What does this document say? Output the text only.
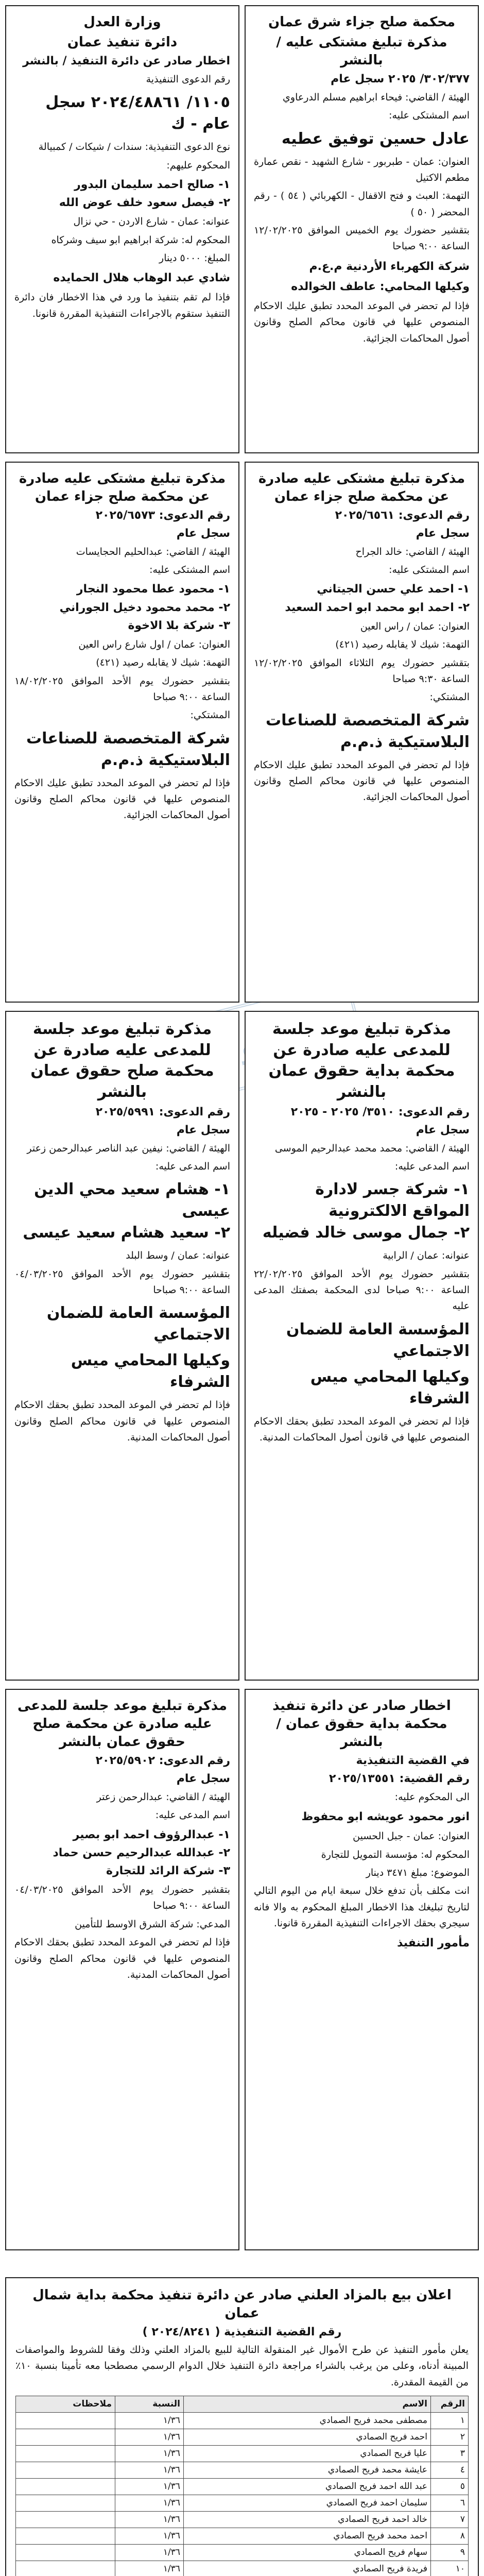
محكمة صلح جزاء شرق عمان
مذكرة تبليغ مشتكى عليه / بالنشر
٣٠٢/٣٧٧/ ٢٠٢٥ سجل عام
الهيئة / القاضي: فيحاء ابراهيم مسلم الدرعاوي
اسم المشتكى عليه:
عادل حسين توفيق عطيه
العنوان: عمان - طبربور - شارع الشهيد - نقص عمارة مطعم الاكتيل
التهمة: العبث و فتح الاقفال - الكهربائي ( ٥٤ ) - رقم المحضر ( ٥٠ )
بتقشير حضورك يوم الخميس الموافق ١٢/٠٢/٢٠٢٥ الساعة ٩:٠٠ صباحا
شركة الكهرباء الأردنية م.ع.م
وكيلها المحامي: عاطف الخوالده
فإذا لم تحضر في الموعد المحدد تطبق عليك الاحكام المنصوص عليها في قانون محاكم الصلح وقانون أصول المحاكمات الجزائية.
مذكرة تبليغ مشتكى عليه صادرة عن محكمة صلح جزاء عمان
رقم الدعوى: ٢٠٢٥/٦٥٦١
سجل عام
الهيئة / القاضي: خالد الجراح
اسم المشتكى عليه:
١- احمد علي حسن الجيتاني
٢- احمد ابو محمد ابو احمد السعيد
العنوان: عمان / راس العين
التهمة: شيك لا يقابله رصيد (٤٢١)
بتقشير حضورك يوم الثلاثاء الموافق ١٢/٠٢/٢٠٢٥ الساعة ٩:٣٠ صباحا
المشتكي:
شركة المتخصصة للصناعات البلاستيكية ذ.م.م
فإذا لم تحضر في الموعد المحدد تطبق عليك الاحكام المنصوص عليها في قانون محاكم الصلح وقانون أصول المحاكمات الجزائية.
مذكرة تبليغ موعد جلسة للمدعى عليه صادرة عن محكمة بداية حقوق عمان بالنشر
رقم الدعوى: ٣٥١٠/ ٢٠٢٥ - ٢٠٢٥
سجل عام
الهيئة / القاضي: محمد محمد عبدالرحيم الموسى
اسم المدعى عليه:
١- شركة جسر لادارة المواقع الالكترونية
٢- جمال موسى خالد فضيله
عنوانه: عمان / الرابية
بتقشير حضورك يوم الأحد الموافق ٢٢/٠٢/٢٠٢٥ الساعة ٩:٠٠ صباحا لدى المحكمة بصفتك المدعى عليه
المؤسسة العامة للضمان الاجتماعي
وكيلها المحامي ميس الشرفاء
فإذا لم تحضر في الموعد المحدد تطبق بحقك الاحكام المنصوص عليها في قانون أصول المحاكمات المدنية.
اخطار صادر عن دائرة تنفيذ محكمة بداية حقوق عمان / بالنشر
في القضية التنفيذية
رقم القضية: ٢٠٢٥/١٣٥٥١
الى المحكوم عليه:
انور محمود عويشه ابو محفوظ
العنوان: عمان - جبل الحسين
المحكوم له: مؤسسة التمويل للتجارة
الموضوع: مبلغ ٣٤٧١ دينار
انت مكلف بأن تدفع خلال سبعة ايام من اليوم التالي لتاريخ تبليغك هذا الاخطار المبلغ المحكوم به والا فانه سيجري بحقك الاجراءات التنفيذية المقررة قانونا.
مأمور التنفيذ
وزارة العدل
دائرة تنفيذ عمان
اخطار صادر عن دائرة التنفيذ / بالنشر
رقم الدعوى التنفيذية
١١٠٥/ ٢٠٢٤/٤٨٨٦١ سجل عام - ك
نوع الدعوى التنفيذية: سندات / شيكات / كمبيالة
المحكوم عليهم:
١- صالح احمد سليمان البدور
٢- فيصل سعود خلف عوض الله
عنوانه: عمان - شارع الاردن - حي نزال
المحكوم له: شركة ابراهيم ابو سيف وشركاه
المبلغ: ٥٠٠٠ دينار
شادي عبد الوهاب هلال الحمايده
فإذا لم تقم بتنفيذ ما ورد في هذا الاخطار فان دائرة التنفيذ ستقوم بالاجراءات التنفيذية المقررة قانونا.
مذكرة تبليغ مشتكى عليه صادرة عن محكمة صلح جزاء عمان
رقم الدعوى: ٢٠٢٥/٦٥٧٣
سجل عام
الهيئة / القاضي: عبدالحليم الحجايسات
اسم المشتكى عليه:
١- محمود عطا محمود النجار
٢- محمد محمود دخيل الجوراني
٣- شركة بلا الاخوة
العنوان: عمان / اول شارع راس العين
التهمة: شيك لا يقابله رصيد (٤٢١)
بتقشير حضورك يوم الأحد الموافق ١٨/٠٢/٢٠٢٥ الساعة ٩:٠٠ صباحا
المشتكي:
شركة المتخصصة للصناعات البلاستيكية ذ.م.م
فإذا لم تحضر في الموعد المحدد تطبق عليك الاحكام المنصوص عليها في قانون محاكم الصلح وقانون أصول المحاكمات الجزائية.
مذكرة تبليغ موعد جلسة للمدعى عليه صادرة عن محكمة صلح حقوق عمان بالنشر
رقم الدعوى: ٢٠٢٥/٥٩٩١
سجل عام
الهيئة / القاضي: نيفين عبد الناصر عبدالرحمن زعتر
اسم المدعى عليه:
١- هشام سعيد محي الدين عيسى
٢- سعيد هشام سعيد عيسى
عنوانه: عمان / وسط البلد
بتقشير حضورك يوم الأحد الموافق ٠٤/٠٣/٢٠٢٥ الساعة ٩:٠٠ صباحا
المؤسسة العامة للضمان الاجتماعي
وكيلها المحامي ميس الشرفاء
فإذا لم تحضر في الموعد المحدد تطبق بحقك الاحكام المنصوص عليها في قانون محاكم الصلح وقانون أصول المحاكمات المدنية.
مذكرة تبليغ موعد جلسة للمدعى عليه صادرة عن محكمة صلح حقوق عمان بالنشر
رقم الدعوى: ٢٠٢٥/٥٩٠٢
سجل عام
الهيئة / القاضي: عبدالرحمن زعتر
اسم المدعى عليه:
١- عبدالرؤوف احمد ابو بصير
٢- عبدالله عبدالرحيم حسن حماد
٣- شركة الرائد للتجارة
بتقشير حضورك يوم الأحد الموافق ٠٤/٠٣/٢٠٢٥ الساعة ٩:٠٠ صباحا
المدعي: شركة الشرق الاوسط للتأمين
فإذا لم تحضر في الموعد المحدد تطبق بحقك الاحكام المنصوص عليها في قانون محاكم الصلح وقانون أصول المحاكمات المدنية.
اعلان بيع بالمزاد العلني صادر عن دائرة تنفيذ محكمة بداية شمال عمان
رقم القضية التنفيذية ( ٢٠٢٤/٨٢٤١ )
يعلن مأمور التنفيذ عن طرح الأموال غير المنقولة التالية للبيع بالمزاد العلني وذلك وفقا للشروط والمواصفات المبينة أدناه، وعلى من يرغب بالشراء مراجعة دائرة التنفيذ خلال الدوام الرسمي مصطحبا معه تأمينا بنسبة ١٠٪ من القيمة المقدرة.
الرقم	الاسم	النسبة	ملاحظات
١	مصطفى محمد فريح الصمادي	١/٣٦	
٢	احمد فريح الصمادي	١/٣٦	
٣	عليا فريح الصمادي	١/٣٦	
٤	عايشة محمد فريح الصمادي	١/٣٦	
٥	عبد الله احمد فريح الصمادي	١/٣٦	
٦	سليمان احمد فريح الصمادي	١/٣٦	
٧	خالد احمد فريح الصمادي	١/٣٦	
٨	احمد محمد فريح الصمادي	١/٣٦	
٩	سهام فريح الصمادي	١/٣٦	
١٠	فريدة فريح الصمادي	١/٣٦	
